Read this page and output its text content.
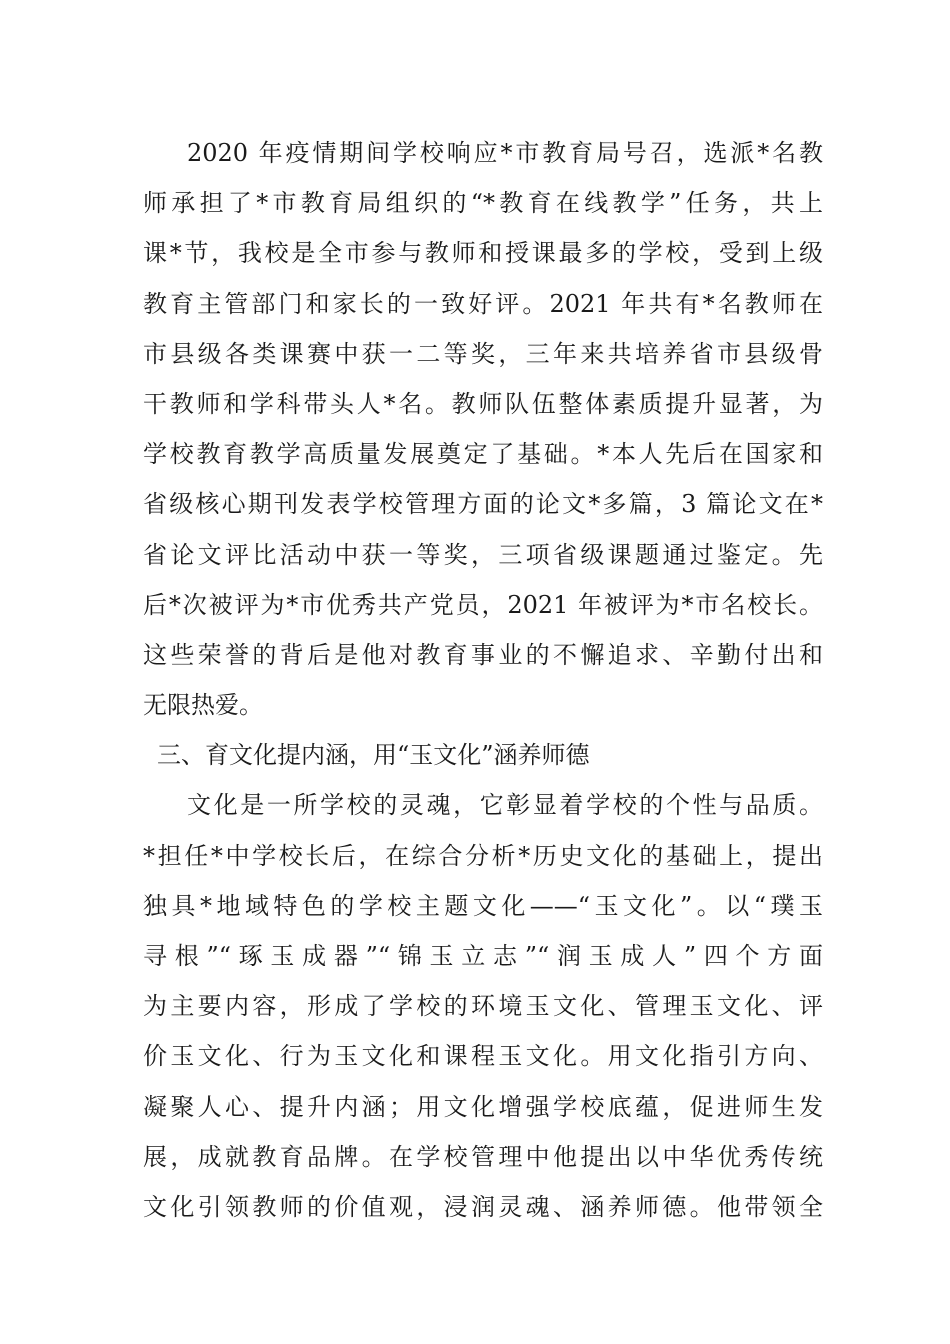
2020 年疫情期间学校响应*市教育局号召，选派*名教
师承担了*市教育局组织的“*教育在线教学”任务，共上
课*节，我校是全市参与教师和授课最多的学校，受到上级
教育主管部门和家长的一致好评。2021 年共有*名教师在
市县级各类课赛中获一二等奖，三年来共培养省市县级骨
干教师和学科带头人*名。教师队伍整体素质提升显著，为
学校教育教学高质量发展奠定了基础。*本人先后在国家和
省级核心期刊发表学校管理方面的论文*多篇，3 篇论文在*
省论文评比活动中获一等奖，三项省级课题通过鉴定。先
后*次被评为*市优秀共产党员，2021 年被评为*市名校长。
这些荣誉的背后是他对教育事业的不懈追求、辛勤付出和
无限热爱。
三、育文化提内涵，用“玉文化”涵养师德
文化是一所学校的灵魂，它彰显着学校的个性与品质。
*担任*中学校长后，在综合分析*历史文化的基础上，提出
独具*地域特色的学校主题文化——“玉文化”。以“璞玉
寻根”“琢玉成器”“锦玉立志”“润玉成人”四个方面
为主要内容，形成了学校的环境玉文化、管理玉文化、评
价玉文化、行为玉文化和课程玉文化。用文化指引方向、
凝聚人心、提升内涵；用文化增强学校底蕴，促进师生发
展，成就教育品牌。在学校管理中他提出以中华优秀传统
文化引领教师的价值观，浸润灵魂、涵养师德。他带领全
